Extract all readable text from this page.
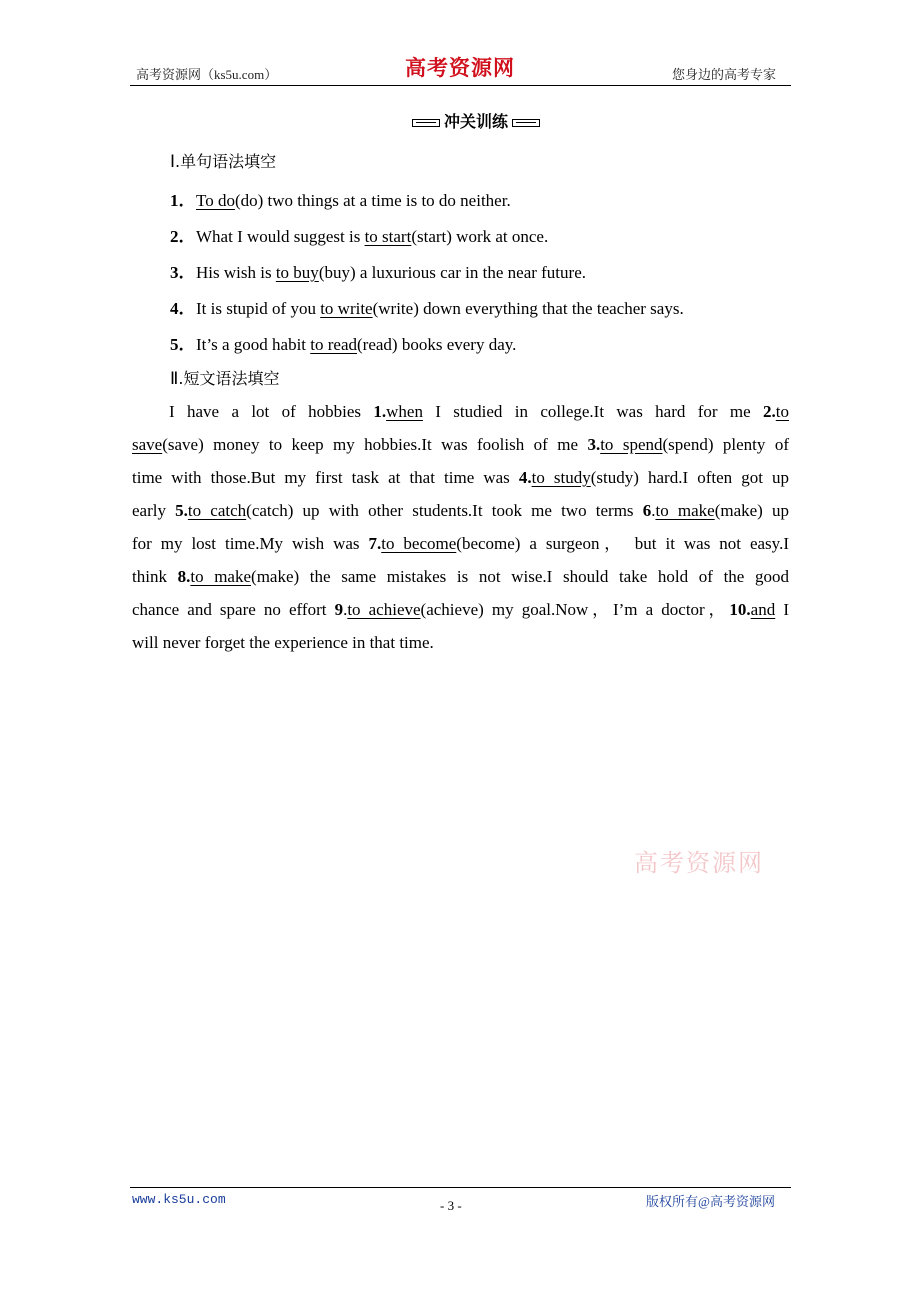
高考资源网（ks5u.com）	高考资源网	您身边的高考专家
冲关训练
Ⅰ.单句语法填空
1．To do(do) two things at a time is to do neither.
2．What I would suggest is to start(start) work at once.
3．His wish is to buy(buy) a luxurious car in the near future.
4．It is stupid of you to write(write) down everything that the teacher says.
5．It’s a good habit to read(read) books every day.
Ⅱ.短文语法填空
I have a lot of hobbies 1.when I studied in college.It was hard for me 2.to
save(save) money to keep my hobbies.It was foolish of me 3.to spend(spend) plenty of
time with those.But my first task at that time was 4.to study(study) hard.I often got up
early 5.to catch(catch) up with other students.It took me two terms 6.to make(make) up
for my lost time.My wish was 7.to become(become) a surgeon， but it was not easy.I
think 8.to make(make) the same mistakes is not wise.I should take hold of the good
chance and spare no effort 9.to achieve(achieve) my goal.Now，I’m a doctor，10.and I
will never forget the experience in that time.
高考资源网
www.ks5u.com	- 3 -	版权所有@高考资源网
